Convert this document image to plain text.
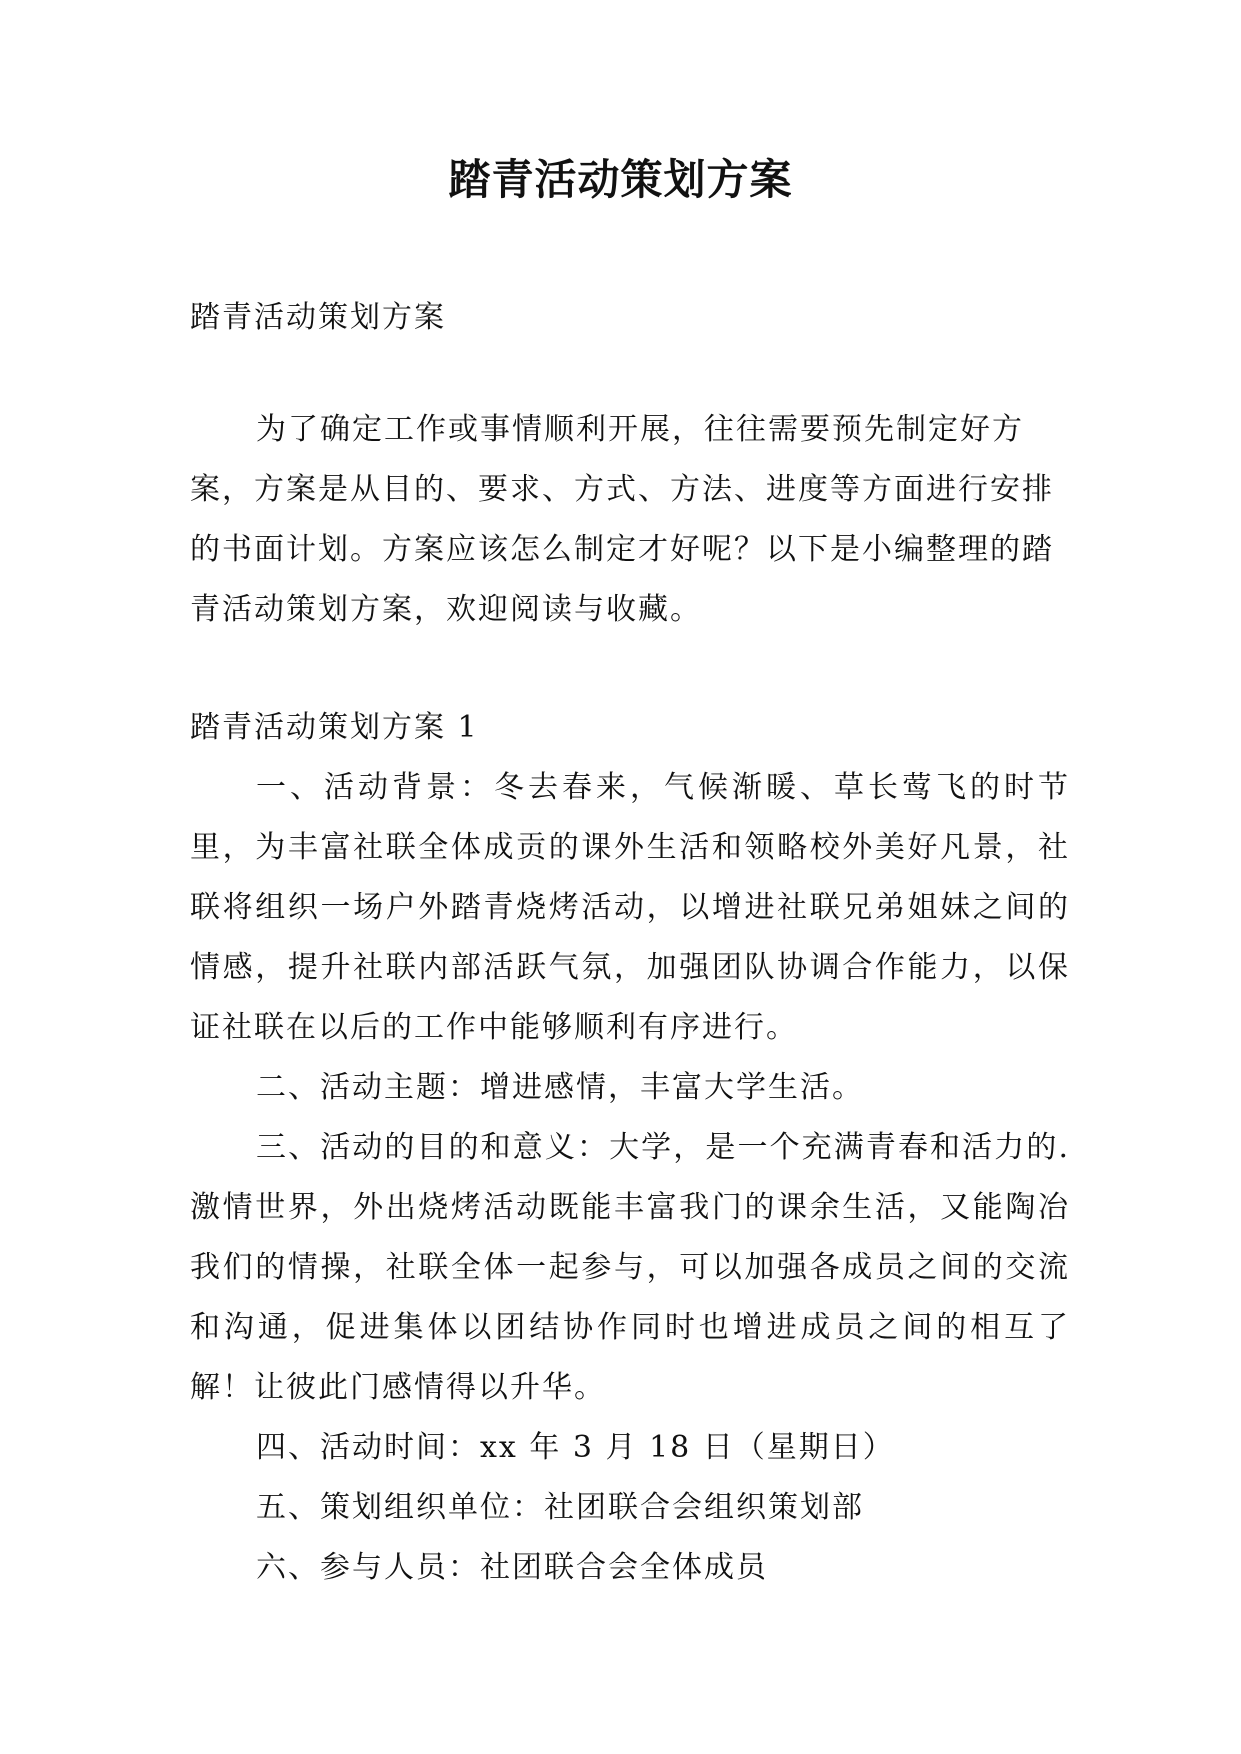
踏青活动策划方案

踏青活动策划方案

为了确定工作或事情顺利开展，往往需要预先制定好方案，方案是从目的、要求、方式、方法、进度等方面进行安排的书面计划。方案应该怎么制定才好呢？以下是小编整理的踏青活动策划方案，欢迎阅读与收藏。

踏青活动策划方案 1

一、活动背景：冬去春来，气候渐暖、草长莺飞的时节里，为丰富社联全体成贡的课外生活和领略校外美好凡景，社联将组织一场户外踏青烧烤活动，以增进社联兄弟姐妹之间的情感，提升社联内部活跃气氛，加强团队协调合作能力，以保证社联在以后的工作中能够顺利有序进行。

二、活动主题：增进感情，丰富大学生活。

三、活动的目的和意义：大学，是一个充满青春和活力的.激情世界，外出烧烤活动既能丰富我门的课余生活，又能陶冶我们的情操，社联全体一起参与，可以加强各成员之间的交流和沟通，促进集体以团结协作同时也增进成员之间的相互了解！让彼此门感情得以升华。

四、活动时间：xx 年 3 月 18 日（星期日）

五、策划组织单位：社团联合会组织策划部

六、参与人员：社团联合会全体成员
